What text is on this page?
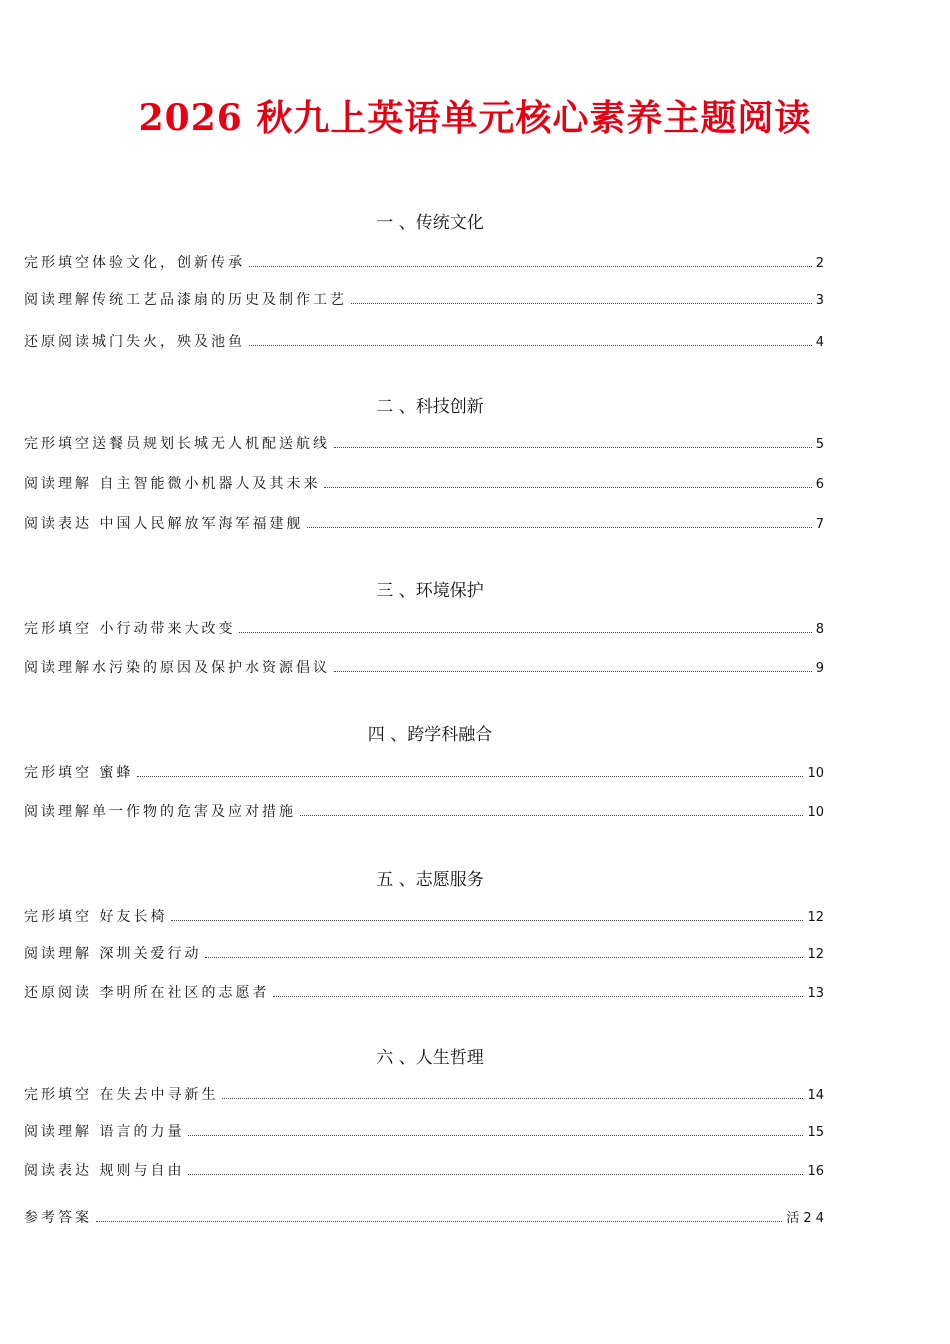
2026 秋九上英语单元核心素养主题阅读
一 、传统文化
完形填空体验文化，创新传承	2
阅读理解传统工艺品漆扇的历史及制作工艺	3
还原阅读城门失火，殃及池鱼	4
二 、科技创新
完形填空送餐员规划长城无人机配送航线	5
阅读理解 自主智能微小机器人及其未来	6
阅读表达 中国人民解放军海军福建舰	7
三 、环境保护
完形填空 小行动带来大改变	8
阅读理解水污染的原因及保护水资源倡议	9
四 、跨学科融合
完形填空 蜜蜂	10
阅读理解单一作物的危害及应对措施	10
五 、志愿服务
完形填空 好友长椅	12
阅读理解 深圳关爱行动	12
还原阅读 李明所在社区的志愿者	13
六 、人生哲理
完形填空 在失去中寻新生	14
阅读理解 语言的力量	15
阅读表达 规则与自由	16
参考答案	活 2 4
